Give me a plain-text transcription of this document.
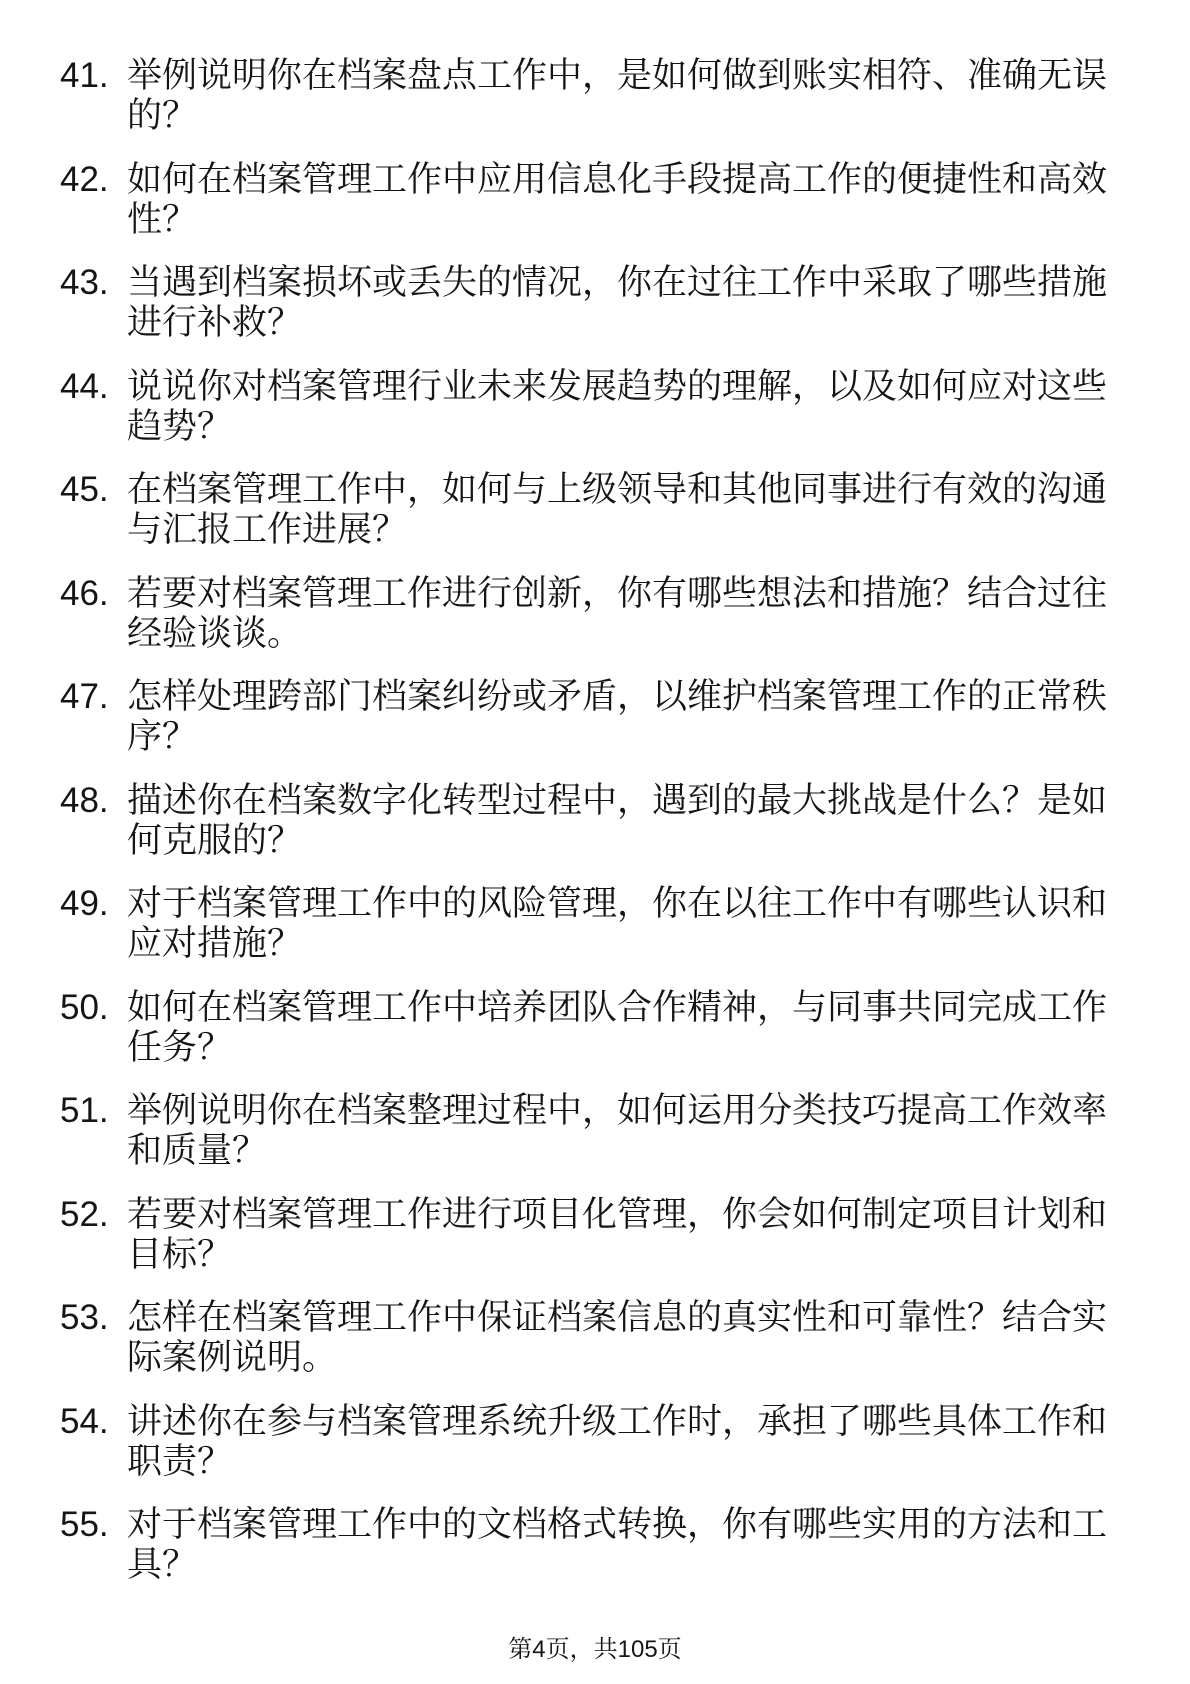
41. 举例说明你在档案盘点工作中，是如何做到账实相符、准确无误
的？
42. 如何在档案管理工作中应用信息化手段提高工作的便捷性和高效
性？
43. 当遇到档案损坏或丢失的情况，你在过往工作中采取了哪些措施
进行补救？
44. 说说你对档案管理行业未来发展趋势的理解，以及如何应对这些
趋势？
45. 在档案管理工作中，如何与上级领导和其他同事进行有效的沟通
与汇报工作进展？
46. 若要对档案管理工作进行创新，你有哪些想法和措施？结合过往
经验谈谈。
47. 怎样处理跨部门档案纠纷或矛盾，以维护档案管理工作的正常秩
序？
48. 描述你在档案数字化转型过程中，遇到的最大挑战是什么？是如
何克服的？
49. 对于档案管理工作中的风险管理，你在以往工作中有哪些认识和
应对措施？
50. 如何在档案管理工作中培养团队合作精神，与同事共同完成工作
任务？
51. 举例说明你在档案整理过程中，如何运用分类技巧提高工作效率
和质量？
52. 若要对档案管理工作进行项目化管理，你会如何制定项目计划和
目标？
53. 怎样在档案管理工作中保证档案信息的真实性和可靠性？结合实
际案例说明。
54. 讲述你在参与档案管理系统升级工作时，承担了哪些具体工作和
职责？
55. 对于档案管理工作中的文档格式转换，你有哪些实用的方法和工
具？
第4页，共105页
